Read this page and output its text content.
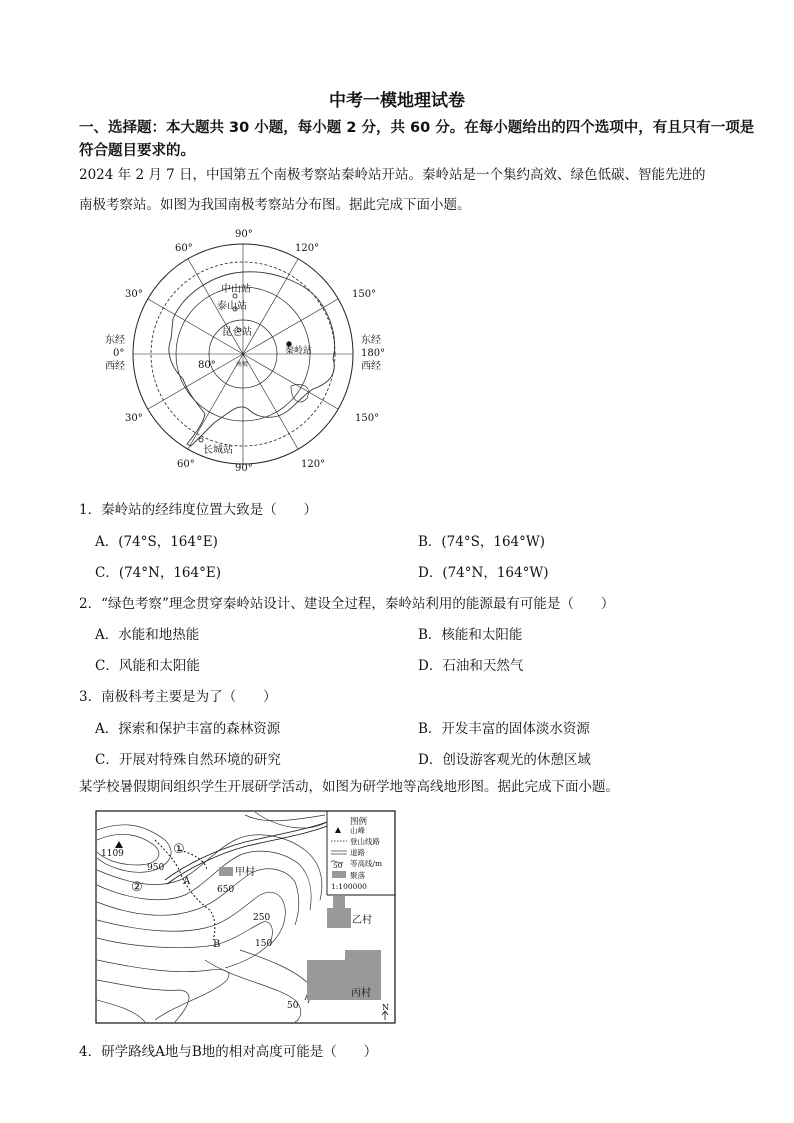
中考一模地理试卷
一、选择题：本大题共 30 小题，每小题 2 分，共 60 分。在每小题给出的四个选项中，有且只有一项是符合题目要求的。
2024 年 2 月 7 日，中国第五个南极考察站秦岭站开站。秦岭站是一个集约高效、绿色低碳、智能先进的
南极考察站。如图为我国南极考察站分布图。据此完成下面小题。
90°
90°
60°	120°
60°	120°
30°	150°
30°	150°
东经
0°
西经
东经
180°
西经
80°	南极
中山站
泰山站
昆仑站
秦岭站
长城站
1．秦岭站的经纬度位置大致是（　　）
A．(74°S，164°E)	B．(74°S，164°W)
C．(74°N，164°E)	D．(74°N，164°W)
2．“绿色考察”理念贯穿秦岭站设计、建设全过程，秦岭站利用的能源最有可能是（　　）
A．水能和地热能	B．核能和太阳能
C．风能和太阳能	D．石油和天然气
3．南极科考主要是为了（　　）
A．探索和保护丰富的森林资源	B．开发丰富的固体淡水资源
C．开展对特殊自然环境的研究	D．创设游客观光的休憩区域
某学校暑假期间组织学生开展研学活动，如图为研学地等高线地形图。据此完成下面小题。
1109
950
650
250
150
50
①
②	A
B
甲村
乙村
丙村
N
图例
山峰
登山线路
道路
50 等高线/m
聚落
1:100000
4．研学路线A地与B地的相对高度可能是（　　）
